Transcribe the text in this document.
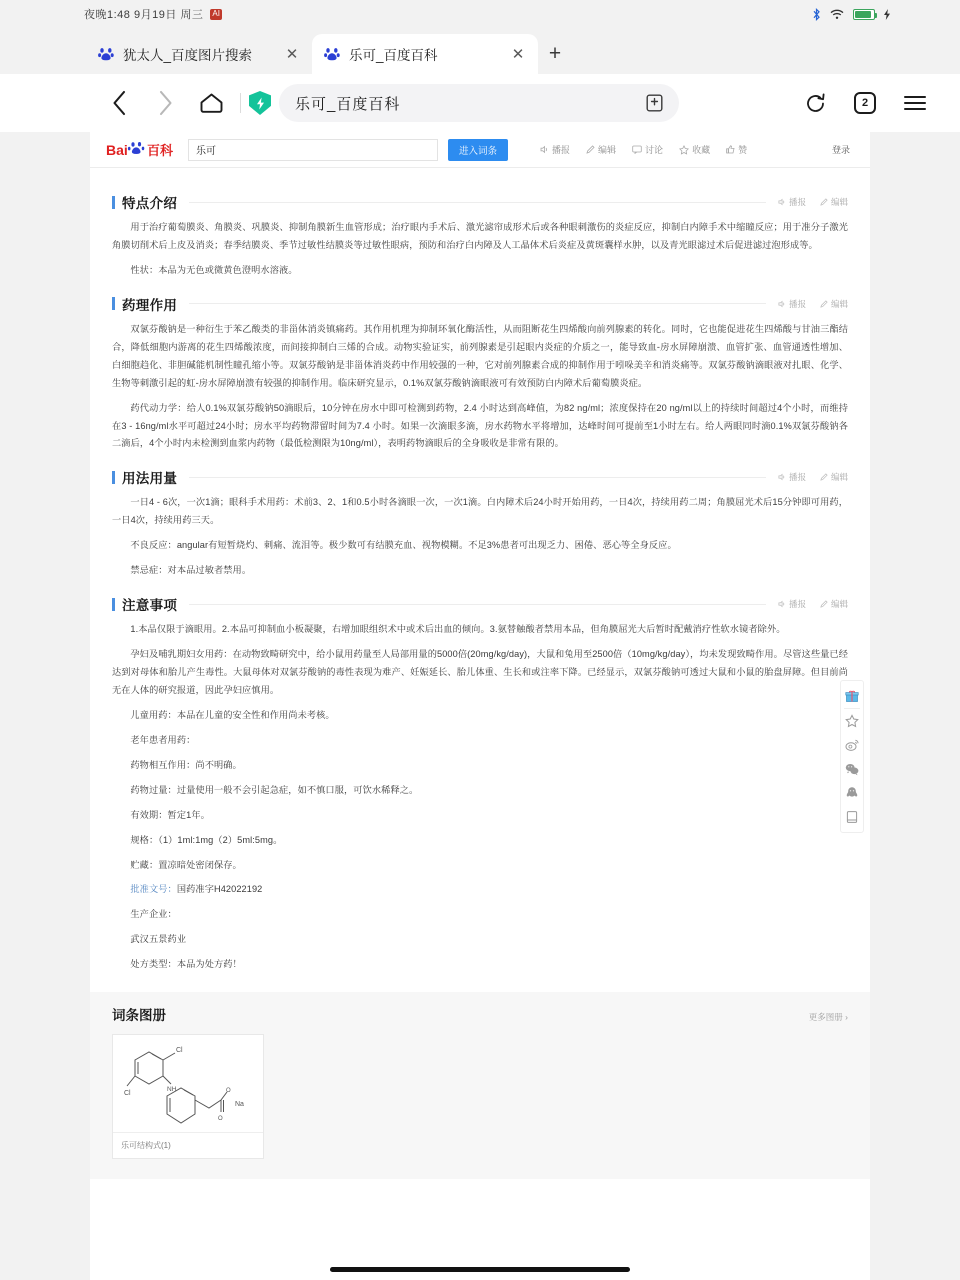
夜晚1:48 9月19日 周三 AI
犹太人_百度图片搜索	✕	乐可_百度百科	✕	+
乐可_百度百科	2
Bai 百科 乐可	进入词条	播报	编辑	讨论	收藏	赞	登录
特点介绍	播报	编辑

用于治疗葡萄膜炎、角膜炎、巩膜炎、抑制角膜新生血管形成；治疗眼内手术后、激光滤帘成形术后或各种眼刺激伤的炎症反应，抑制白内障手术中缩瞳反应；用于准分子激光角膜切削术后上皮及消炎；春季结膜炎、季节过敏性结膜炎等过敏性眼病，预防和治疗白内障及人工晶体术后炎症及黄斑囊样水肿，以及青光眼滤过术后促进滤过泡形成等。

性状：本品为无色或微黄色澄明水溶液。

药理作用	播报	编辑

双氯芬酸钠是一种衍生于苯乙酸类的非甾体消炎镇痛药。其作用机理为抑制环氧化酶活性，从而阻断花生四烯酸向前列腺素的转化。同时，它也能促进花生四烯酸与甘油三酯结合，降低细胞内游离的花生四烯酸浓度，而间接抑制白三烯的合成。动物实验证实，前列腺素是引起眼内炎症的介质之一，能导致血-房水屏障崩溃、血管扩张、血管通透性增加、白细胞趋化、非胆碱能机制性瞳孔缩小等。双氯芬酸钠是非甾体消炎药中作用较强的一种，它对前列腺素合成的抑制作用于吲哚美辛和消炎痛等。双氯芬酸钠滴眼液对扎眼、化学、生物等刺激引起的虹-房水屏障崩溃有较强的抑制作用。临床研究显示，0.1%双氯芬酸钠滴眼液可有效预防白内障术后葡萄膜炎症。

药代动力学：给人0.1%双氯芬酸钠50滴眼后，10分钟在房水中即可检测到药物，2.4 小时达到高峰值，为82 ng/ml；浓度保持在20 ng/ml以上的持续时间超过4个小时，而维持在3 - 16ng/ml水平可超过24小时；房水平均药物滞留时间为7.4 小时。如果一次滴眼多滴，房水药物水平将增加，达峰时间可提前至1小时左右。给人两眼同时滴0.1%双氯芬酸钠各二滴后，4个小时内未检测到血浆内药物（最低检测限为10ng/ml），表明药物滴眼后的全身吸收是非常有限的。

用法用量	播报	编辑

一日4 - 6次，一次1滴；眼科手术用药：术前3、2、1和0.5小时各滴眼一次，一次1滴。白内障术后24小时开始用药，一日4次，持续用药二周；角膜屈光术后15分钟即可用药，一日4次，持续用药三天。

不良反应：angular有短暂烧灼、刺痛、流泪等。极少数可有结膜充血、视物模糊。不足3%患者可出现乏力、困倦、恶心等全身反应。

禁忌症：对本品过敏者禁用。

注意事项	播报	编辑

1.本品仅限于滴眼用。2.本品可抑制血小板凝聚，右增加眼组织术中或术后出血的倾向。3.氨替触酸者禁用本品，但角膜屈光大后暂时配戴消疗性软水镜者除外。

孕妇及哺乳期妇女用药：在动物致畸研究中，给小鼠用药量至人局部用量的5000倍(20mg/kg/day)，大鼠和兔用至2500倍（10mg/kg/day），均未发现致畸作用。尽管这些量已经达到对母体和胎儿产生毒性。大鼠母体对双氯芬酸钠的毒性表现为难产、妊娠延长、胎儿体重、生长和或注率下降。已经显示，双氯芬酸钠可透过大鼠和小鼠的胎盘屏障。但目前尚无在人体的研究报道，因此孕妇应慎用。

儿童用药：本品在儿童的安全性和作用尚未考核。

老年患者用药：

药物相互作用：尚不明确。

药物过量：过量使用一般不会引起急症，如不慎口服，可饮水稀释之。

有效期：暂定1年。

规格：（1）1ml:1mg（2）5ml:5mg。

贮藏：置凉暗处密闭保存。

批准文号：国药准字H42022192

生产企业：

武汉五景药业

处方类型：本品为处方药！

词条图册	更多图册 ›
Cl
Cl
NH	O
O
Na
乐可结构式(1)
